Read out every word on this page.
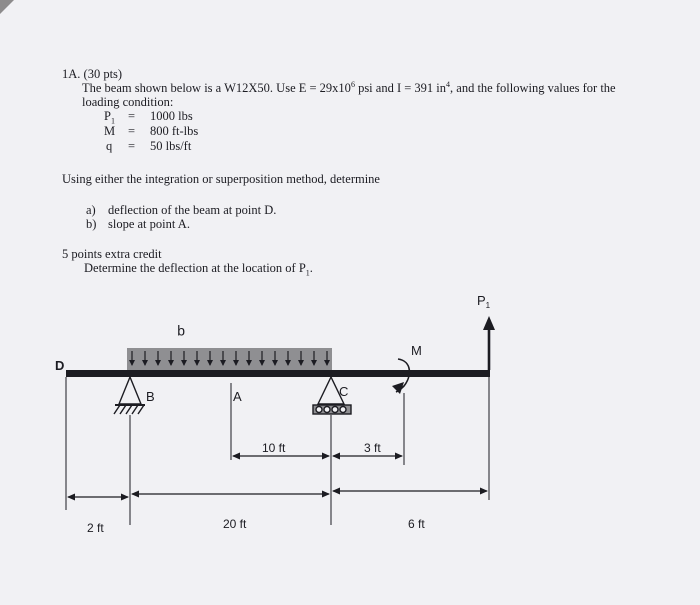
1A. (30 pts)
The beam shown below is a W12X50. Use $E = 29x10^6$ psi and I = 391 $in^4$, and the following values for the
loading condition:
$P_1 = 1000$ lbs
M = 800 ft-lbs
q = 50 lbs/ft
Using either the integration or superposition method, determine
a) deflection of the beam at point D.
b) slope at point A.
5 points extra credit
Determine the deflection at the location of $P_1$.
D
B	A	C
M
q
$P_1$
10 ft	3 ft
2 ft	20 ft	6 ft
